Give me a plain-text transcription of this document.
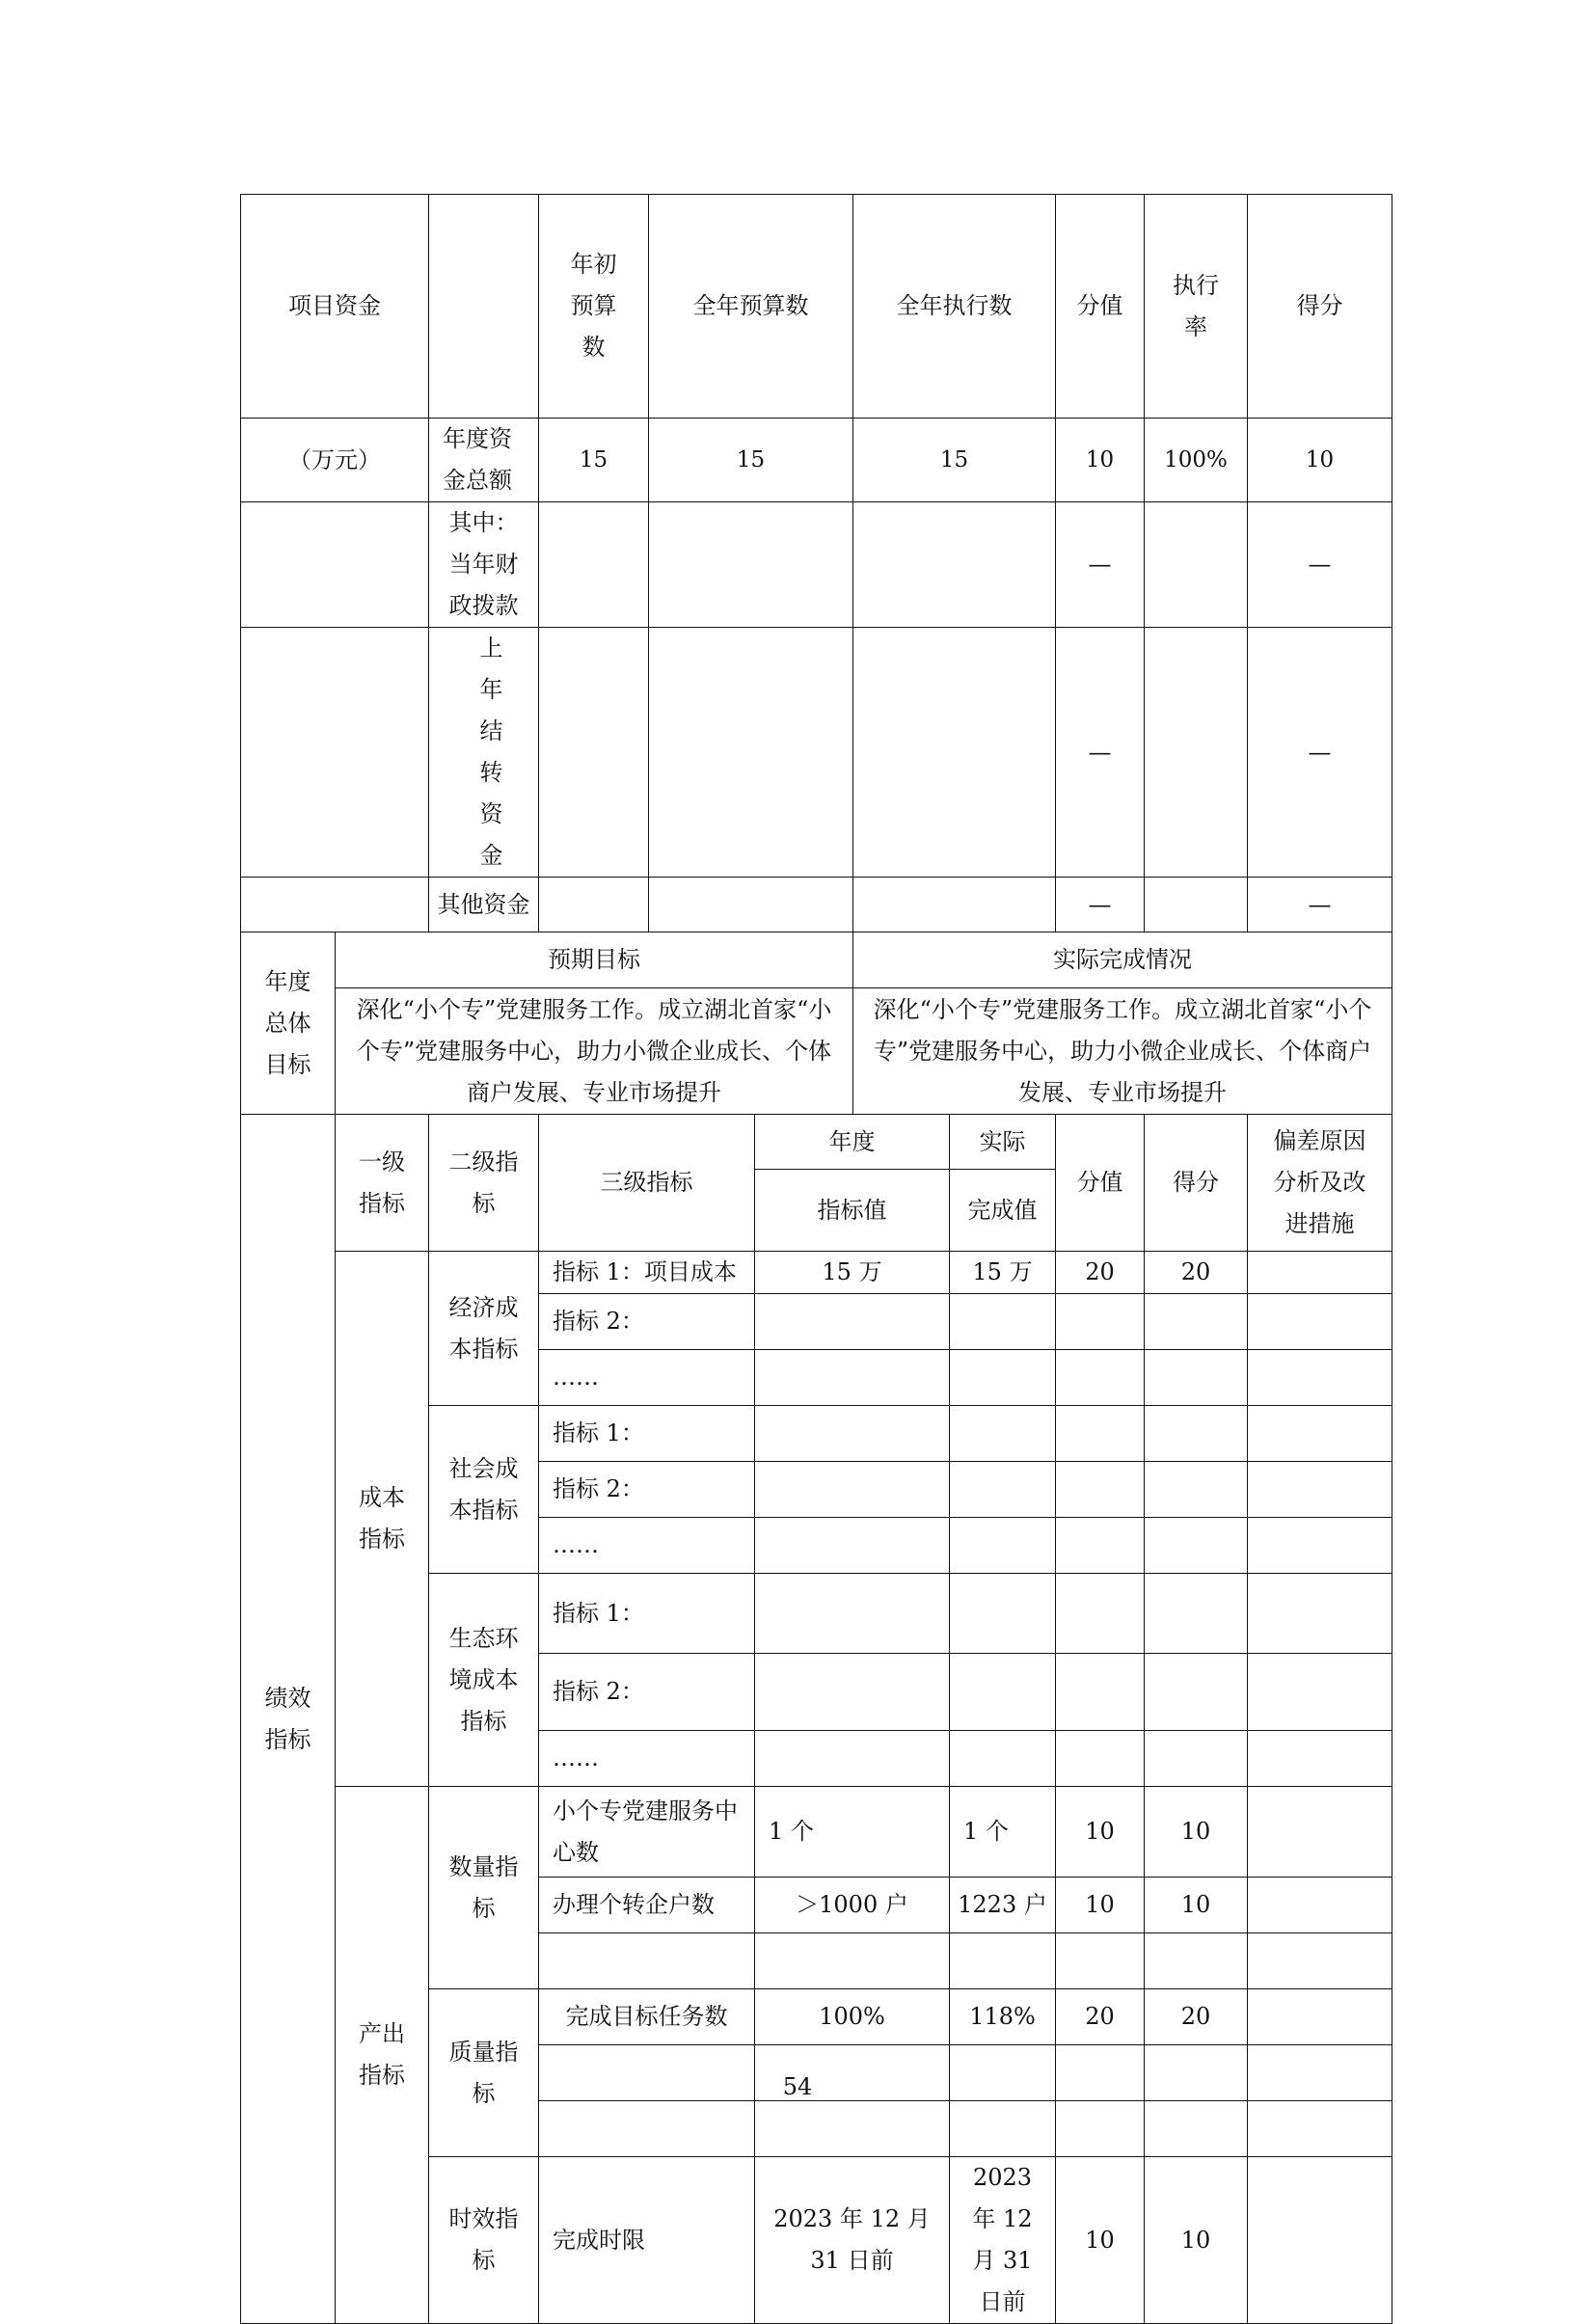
项目资金			年初预算数	全年预算数		全年执行数		分值	执行率	得分
（万元）		年度资金总额	15	15		15		10	100%	10
		其中：当年财政拨款						—		—
		上年结转资金						—		—
		其他资金						—		—
年度总体目标	预期目标					实际完成情况				
	深化“小个专”党建服务工作。成立湖北首家“小个专”党建服务中心，助力小微企业成长、个体商户发展、专业市场提升					深化“小个专”党建服务工作。成立湖北首家“小个专”党建服务中心，助力小微企业成长、个体商户发展、专业市场提升				
绩效指标	一级指标	二级指标	三级指标		年度		实际	分值	得分	偏差原因分析及改进措施
					指标值		完成值			
	成本指标	经济成本指标	指标 1：项目成本		15 万		15 万	20	20	
			指标 2：							
			……							
		社会成本指标	指标 1：							
			指标 2：							
			……							
		生态环境成本指标	指标 1：							
			指标 2：							
			……							
	产出指标	数量指标	小个专党建服务中心数		1 个		1 个	10	10	
			办理个转企户数		＞1000 户		1223 户	10	10	

		质量指标	完成目标任务数		100%		118%	20	20	

		时效指标	完成时限		2023 年 12 月 31 日前		2023 年 12 月 31 日前	10	10	
54
